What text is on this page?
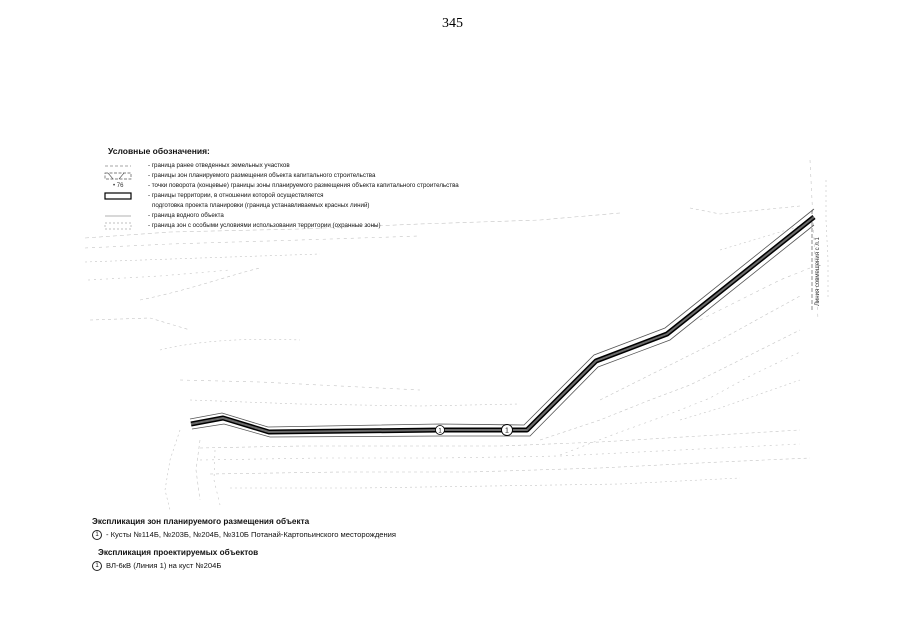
345
1	1
Линия совмещения с л.1
Условные обозначения:
- граница ранее отведенных земельных участков
- границы зон планируемого размещения объекта капитального строительства
• 76	- точки поворота (концевые) границы зоны планируемого размещения объекта капитального строительства
- границы территории, в отношении которой осуществляется
подготовка проекта планировки (граница устанавливаемых красных линий)
- граница водного объекта
- граница зон с особыми условиями использования территории (охранные зоны)
Экспликация зон планируемого размещения объекта
1 - Кусты №114Б, №203Б, №204Б, №310Б Потанай-Картопьинского месторождения
Экспликация проектируемых объектов
1 ВЛ-6кВ (Линия 1) на куст №204Б
